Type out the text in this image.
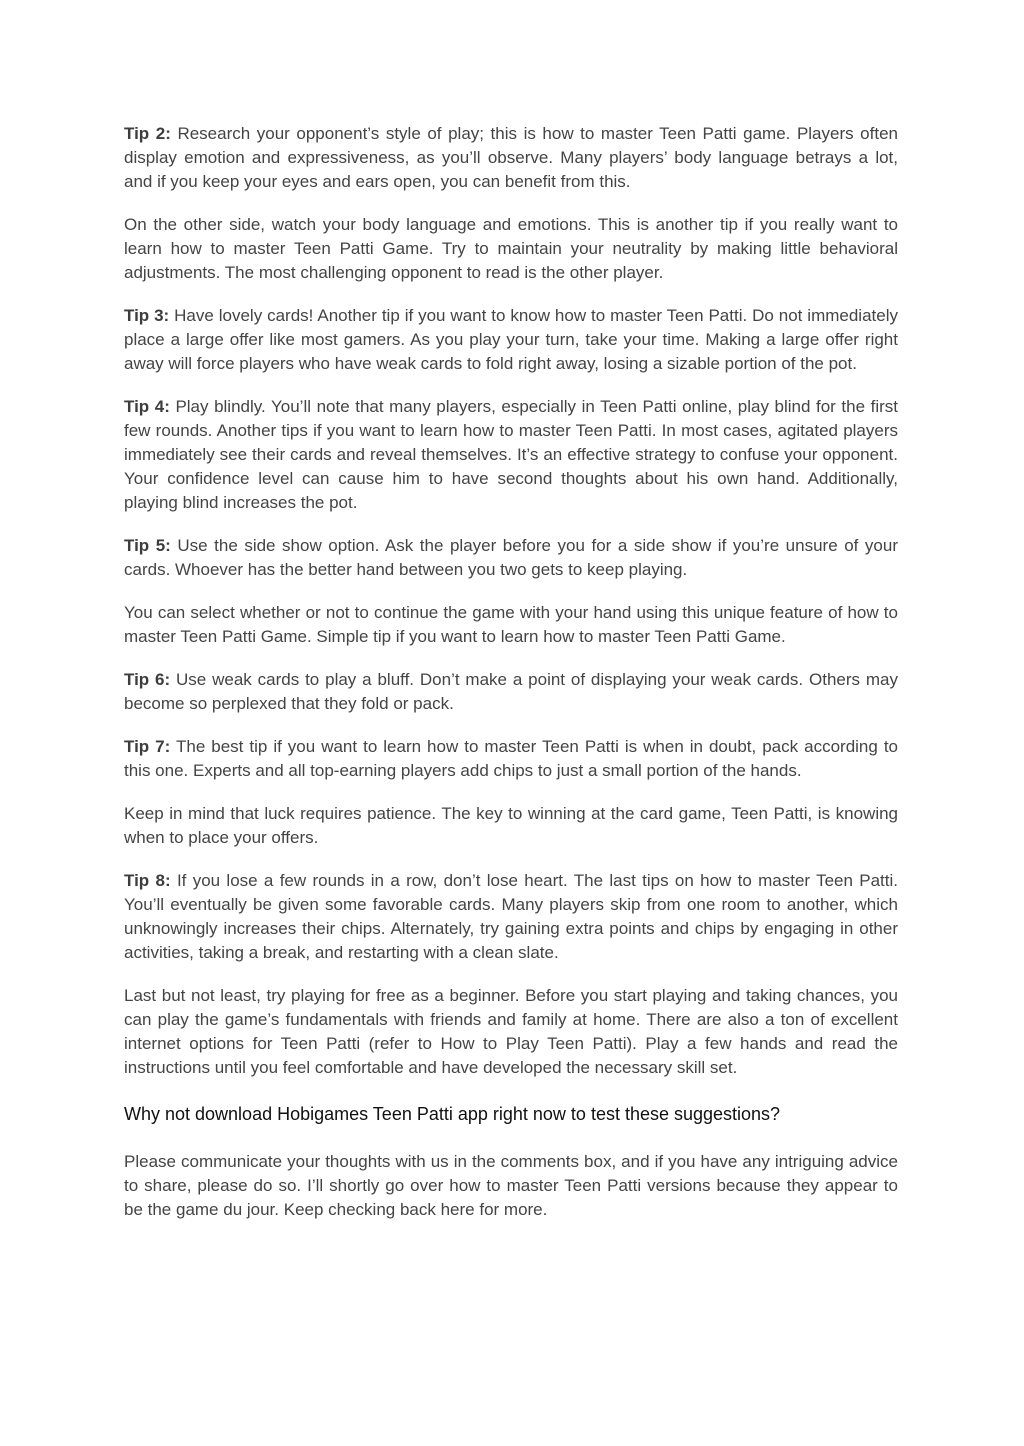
Tip 2: Research your opponent’s style of play; this is how to master Teen Patti game. Players often display emotion and expressiveness, as you’ll observe. Many players’ body language betrays a lot, and if you keep your eyes and ears open, you can benefit from this.

On the other side, watch your body language and emotions. This is another tip if you really want to learn how to master Teen Patti Game. Try to maintain your neutrality by making little behavioral adjustments. The most challenging opponent to read is the other player.

Tip 3: Have lovely cards! Another tip if you want to know how to master Teen Patti. Do not immediately place a large offer like most gamers. As you play your turn, take your time. Making a large offer right away will force players who have weak cards to fold right away, losing a sizable portion of the pot.

Tip 4: Play blindly. You’ll note that many players, especially in Teen Patti online, play blind for the first few rounds. Another tips if you want to learn how to master Teen Patti. In most cases, agitated players immediately see their cards and reveal themselves. It’s an effective strategy to confuse your opponent. Your confidence level can cause him to have second thoughts about his own hand. Additionally, playing blind increases the pot.

Tip 5: Use the side show option. Ask the player before you for a side show if you’re unsure of your cards. Whoever has the better hand between you two gets to keep playing.

You can select whether or not to continue the game with your hand using this unique feature of how to master Teen Patti Game. Simple tip if you want to learn how to master Teen Patti Game.

Tip 6: Use weak cards to play a bluff. Don’t make a point of displaying your weak cards. Others may become so perplexed that they fold or pack.

Tip 7: The best tip if you want to learn how to master Teen Patti is when in doubt, pack according to this one. Experts and all top-earning players add chips to just a small portion of the hands.

Keep in mind that luck requires patience. The key to winning at the card game, Teen Patti, is knowing when to place your offers.

Tip 8: If you lose a few rounds in a row, don’t lose heart. The last tips on how to master Teen Patti. You’ll eventually be given some favorable cards. Many players skip from one room to another, which unknowingly increases their chips. Alternately, try gaining extra points and chips by engaging in other activities, taking a break, and restarting with a clean slate.

Last but not least, try playing for free as a beginner. Before you start playing and taking chances, you can play the game’s fundamentals with friends and family at home. There are also a ton of excellent internet options for Teen Patti (refer to How to Play Teen Patti). Play a few hands and read the instructions until you feel comfortable and have developed the necessary skill set.

Why not download Hobigames Teen Patti app right now to test these suggestions?

Please communicate your thoughts with us in the comments box, and if you have any intriguing advice to share, please do so. I’ll shortly go over how to master Teen Patti versions because they appear to be the game du jour. Keep checking back here for more.
